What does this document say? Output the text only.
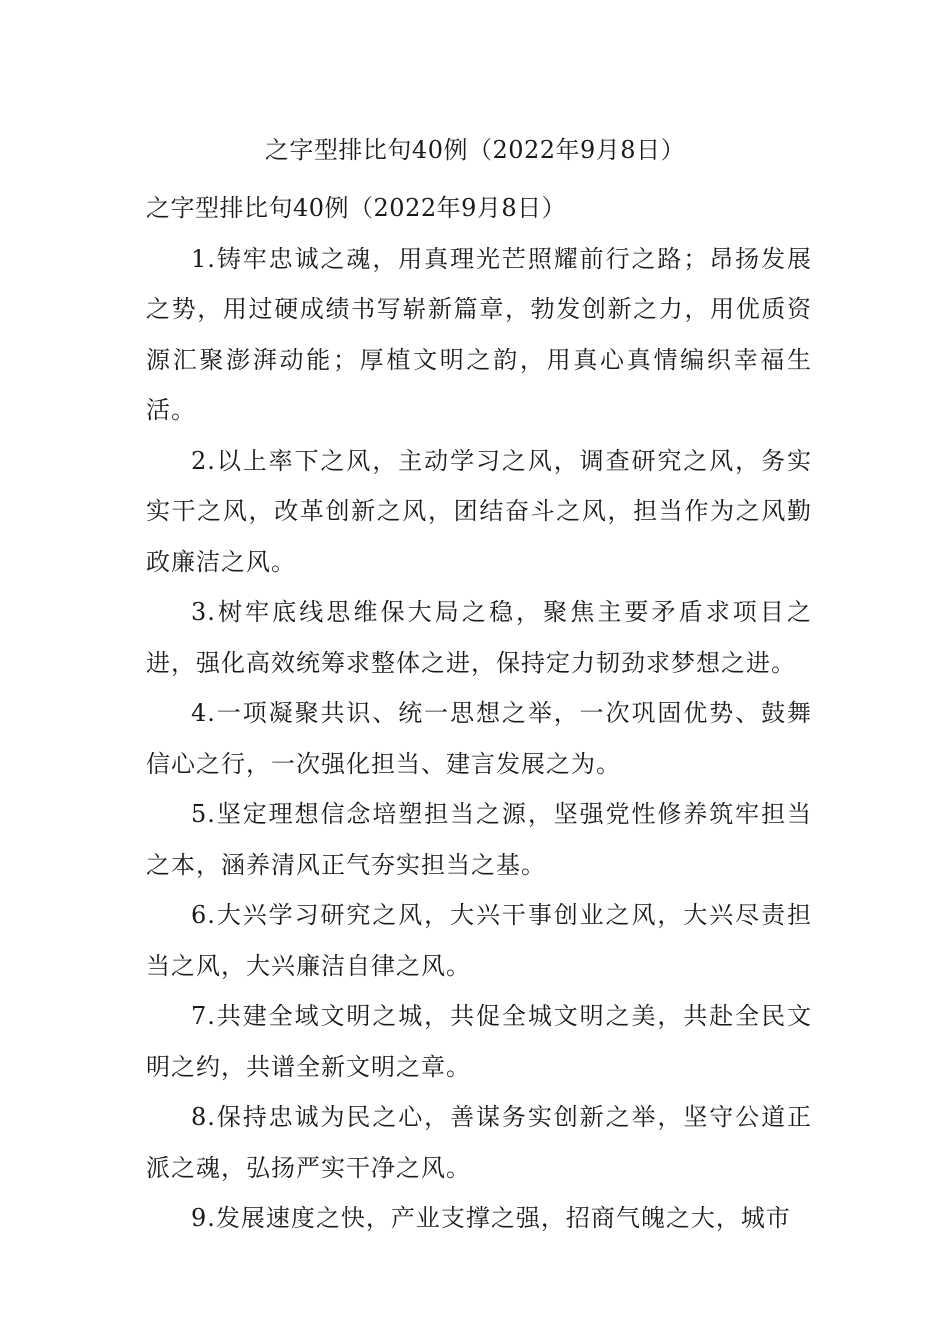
之字型排比句40例（2022年9月8日）

之字型排比句40例（2022年9月8日）

1.铸牢忠诚之魂，用真理光芒照耀前行之路；昂扬发展之势，用过硬成绩书写崭新篇章，勃发创新之力，用优质资源汇聚澎湃动能；厚植文明之韵，用真心真情编织幸福生活。

2.以上率下之风，主动学习之风，调查研究之风，务实实干之风，改革创新之风，团结奋斗之风，担当作为之风勤政廉洁之风。

3.树牢底线思维保大局之稳，聚焦主要矛盾求项目之进，强化高效统筹求整体之进，保持定力韧劲求梦想之进。

4.一项凝聚共识、统一思想之举，一次巩固优势、鼓舞信心之行，一次强化担当、建言发展之为。

5.坚定理想信念培塑担当之源，坚强党性修养筑牢担当之本，涵养清风正气夯实担当之基。

6.大兴学习研究之风，大兴干事创业之风，大兴尽责担当之风，大兴廉洁自律之风。

7.共建全域文明之城，共促全城文明之美，共赴全民文明之约，共谱全新文明之章。

8.保持忠诚为民之心，善谋务实创新之举，坚守公道正派之魂，弘扬严实干净之风。

9.发展速度之快，产业支撑之强，招商气魄之大，城市
